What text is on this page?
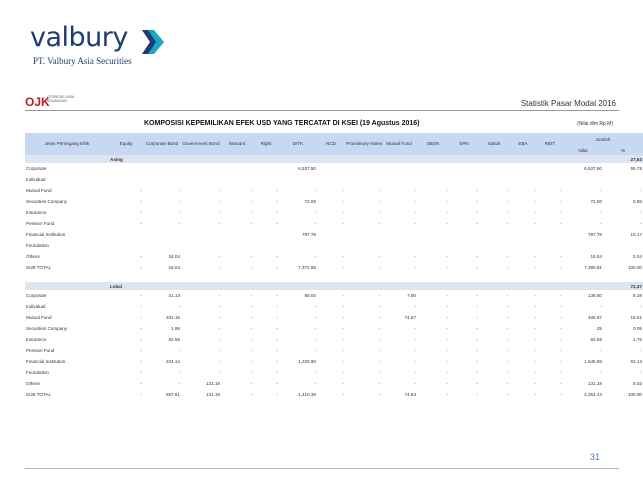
valbury
PT. Valbury Asia Securities
OJK
OTORITAS JASA KEUANGAN	Statistik Pasar Modal 2016
KOMPOSISI KEPEMILIKAN EFEK USD YANG TERCATAT DI KSEI (19 Agustus 2016)	(Nilai dlm Rp M)
Jenis Pemegang Efek	Equity	Corporate Bond	Government Bond	Warrant	Right	DITK	NCD	Promissory Notes	Mutual Fund	SBSN	SPN	Sukuk	EBA	REIT	Jumlah	
															Nilai	%
	Asing															27,63
Corporate						6,537.50									6,537.50	55.75
Individual																
Mutual Fund	-	-	-	-	-	-	-	-	-	-	-	-	-	-	-	-
Securities Company	-	-	-	-	-	72.00	-	-	-	-	-	-	-	-	72.00	0.89
Insurance	-	-	-	-	-	-	-	-	-	-	-	-	-	-	-	-
Pension Fund	-	-	-	-	-	-	-	-	-	-	-	-	-	-	-	-
Financial Institution						797.78									797.78	10.17
Foundation																
Others	-	18.04	-	-	-	-	-	-	-	-	-	-	-	-	18.04	0.24
SUB TOTAL	-	18.04	-	-	-	7,372.88	-	-	-	-	-	-	-	-	7,390.91	100.00

	Lokal															72,37
Corporate	-	41.13	-	-	-	90.00	-	-	7.00	-	-	-	-	-	138.60	6.19
Individual	-	-	-	-	-	-	-	-	-	-	-	-	-	-	-	-
Mutual Fund	-	331.15	-	-	-	-	-	-	74.67	-	-	-	-	-	405.97	16.01
Securities Company	-	1.99	-	-	-	-	-	-	-	-	-	-	-	-	25	0.05
Insurance	-	82.56	-	-	-	-	-	-	-	-	-	-	-	-	82.56	1.75
Pension Fund	-	-	-	-	-	-	-	-	-	-	-	-	-	-	-	-
Financial Institution	-	224.14	-	-	-	1,320.90	-	-	-	-	-	-	-	-	1,545.89	63.13
Foundation	-	-	-	-	-	-	-	-	-	-	-	-	-	-	-	-
Others	-	-	131.19	-	-	-	-	-	-	-	-	-	-	-	131.19	5.02
SUB TOTAL	-	687.61	131.19	-	-	1,410.39	-	-	74.84	-	-	-	-	-	2,354.24	100.00
31
